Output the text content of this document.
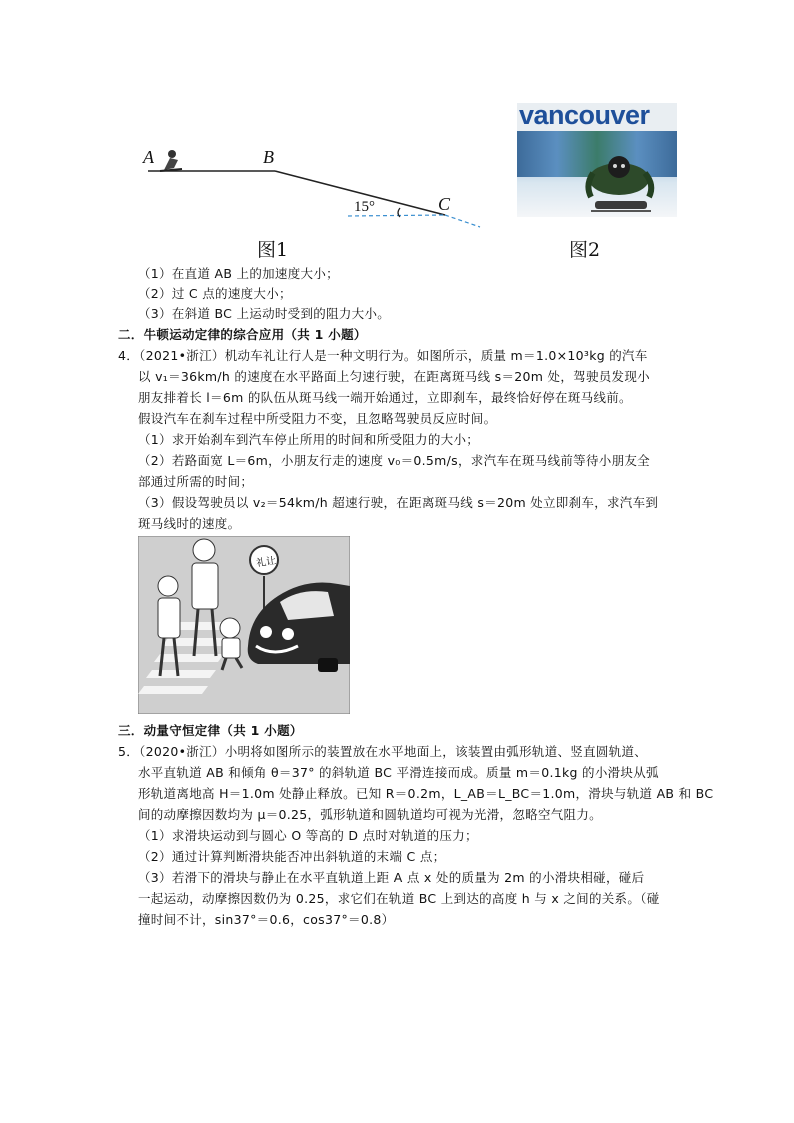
A	B
C
15°
图1
vancouver
图2
（1）在直道 AB 上的加速度大小；
（2）过 C 点的速度大小；
（3）在斜道 BC 上运动时受到的阻力大小。
二．牛顿运动定律的综合应用（共 1 小题）
4．（2021•浙江）机动车礼让行人是一种文明行为。如图所示，质量 m＝1.0×10³kg 的汽车
以 v₁＝36km/h 的速度在水平路面上匀速行驶，在距离斑马线 s＝20m 处，驾驶员发现小
朋友排着长 l＝6m 的队伍从斑马线一端开始通过，立即刹车，最终恰好停在斑马线前。
假设汽车在刹车过程中所受阻力不变，且忽略驾驶员反应时间。
（1）求开始刹车到汽车停止所用的时间和所受阻力的大小；
（2）若路面宽 L＝6m，小朋友行走的速度 v₀＝0.5m/s，求汽车在斑马线前等待小朋友全
部通过所需的时间；
（3）假设驾驶员以 v₂＝54km/h 超速行驶，在距离斑马线 s＝20m 处立即刹车，求汽车到
斑马线时的速度。
礼让
三．动量守恒定律（共 1 小题）
5．（2020•浙江）小明将如图所示的装置放在水平地面上，该装置由弧形轨道、竖直圆轨道、
水平直轨道 AB 和倾角 θ＝37° 的斜轨道 BC 平滑连接而成。质量 m＝0.1kg 的小滑块从弧
形轨道离地高 H＝1.0m 处静止释放。已知 R＝0.2m，L_AB＝L_BC＝1.0m，滑块与轨道 AB 和 BC
间的动摩擦因数均为 μ＝0.25，弧形轨道和圆轨道均可视为光滑，忽略空气阻力。
（1）求滑块运动到与圆心 O 等高的 D 点时对轨道的压力；
（2）通过计算判断滑块能否冲出斜轨道的末端 C 点；
（3）若滑下的滑块与静止在水平直轨道上距 A 点 x 处的质量为 2m 的小滑块相碰，碰后
一起运动，动摩擦因数仍为 0.25，求它们在轨道 BC 上到达的高度 h 与 x 之间的关系。（碰
撞时间不计，sin37°＝0.6，cos37°＝0.8）
